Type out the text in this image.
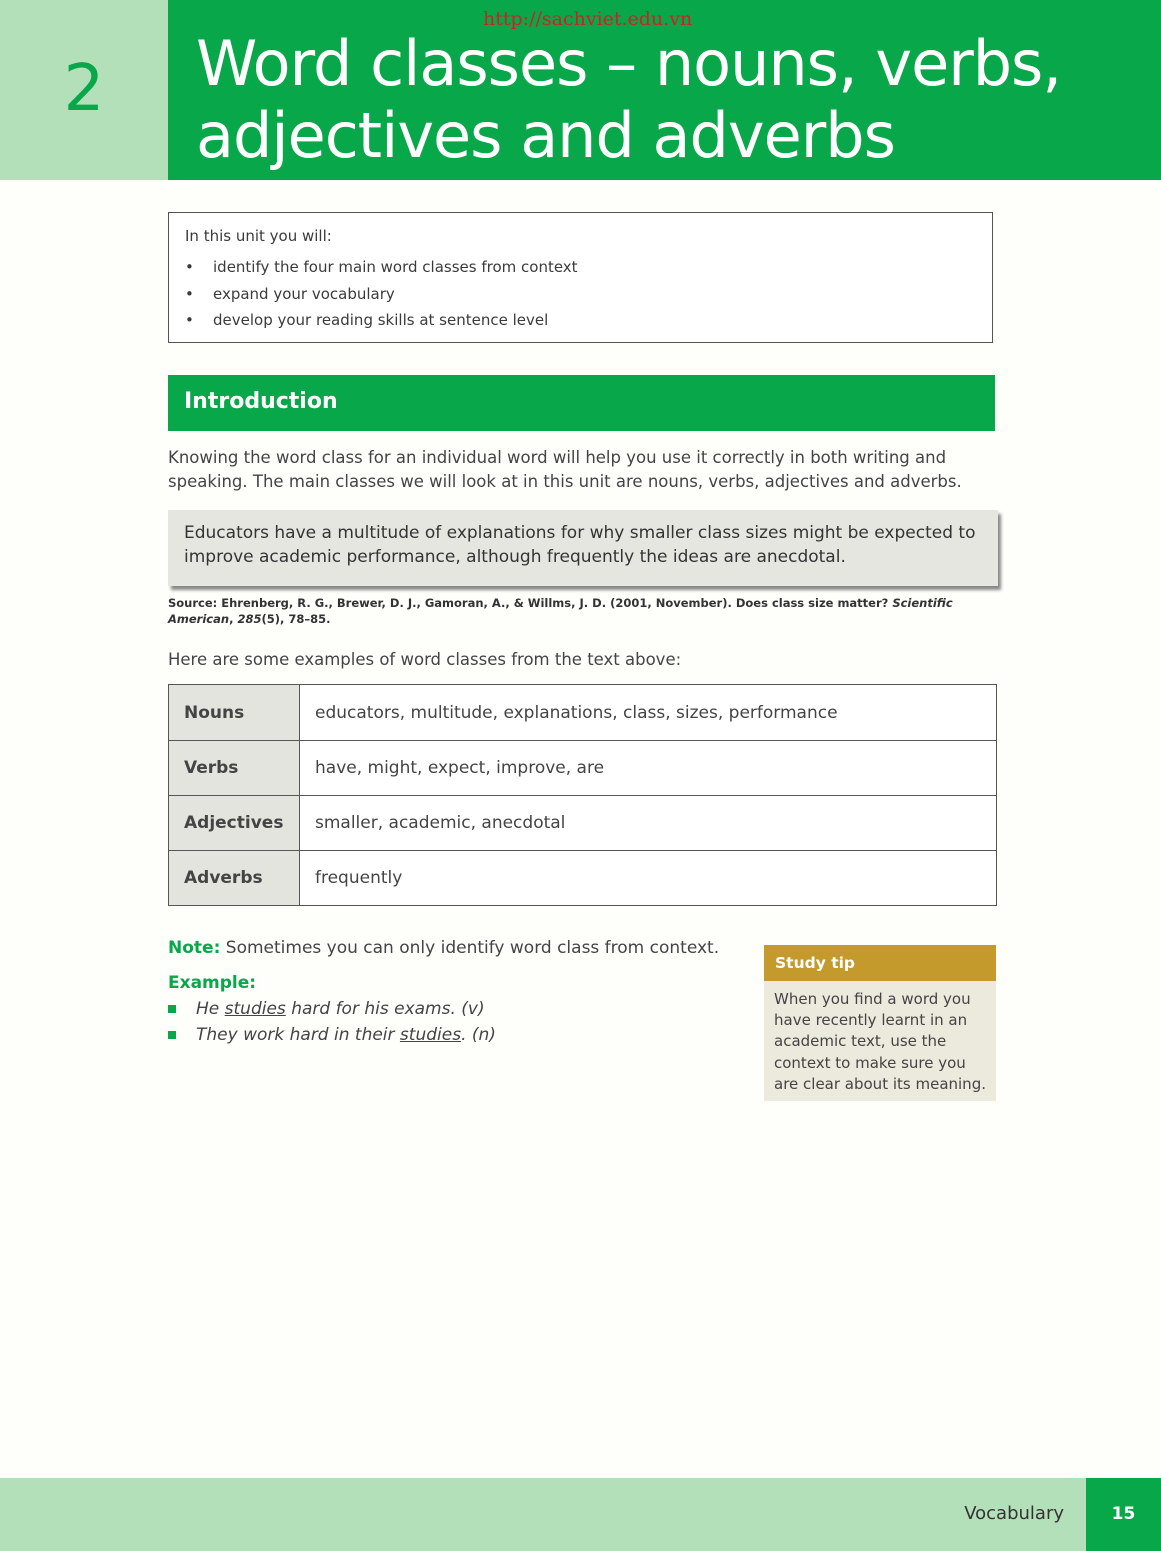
2	Word classes – nouns, verbs,
adjectives and adverbs
http://sachviet.edu.vn
In this unit you will:
• identify the four main word classes from context
• expand your vocabulary
• develop your reading skills at sentence level
Introduction
Knowing the word class for an individual word will help you use it correctly in both writing and speaking. The main classes we will look at in this unit are nouns, verbs, adjectives and adverbs.
Educators have a multitude of explanations for why smaller class sizes might be expected to improve academic performance, although frequently the ideas are anecdotal.
Source: Ehrenberg, R. G., Brewer, D. J., Gamoran, A., & Willms, J. D. (2001, November). Does class size matter? Scientific American, 285(5), 78–85.
Here are some examples of word classes from the text above:
Nouns	educators, multitude, explanations, class, sizes, performance
Verbs	have, might, expect, improve, are
Adjectives	smaller, academic, anecdotal
Adverbs	frequently
Note: Sometimes you can only identify word class from context.
Example:
He studies hard for his exams. (v)
They work hard in their studies. (n)
Study tip
When you find a word you have recently learnt in an academic text, use the context to make sure you are clear about its meaning.
Vocabulary	15
